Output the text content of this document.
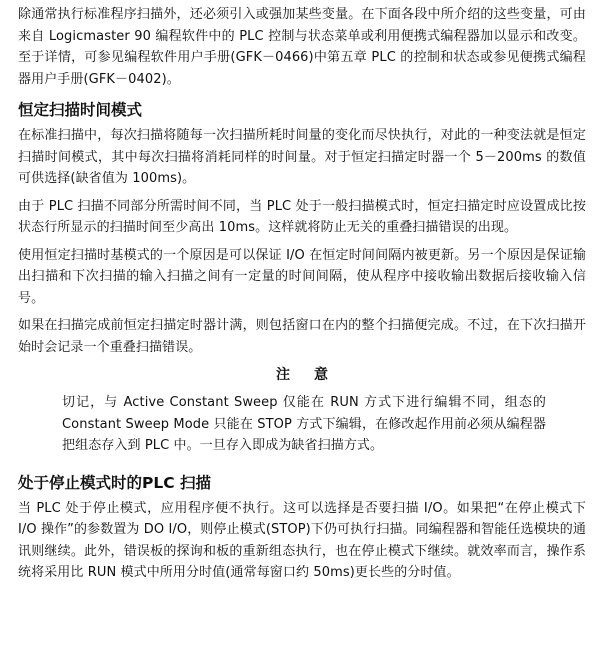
除通常执行标准程序扫描外，还必须引入或强加某些变量。在下面各段中所介绍的这些变量，可由来自 Logicmaster 90 编程软件中的 PLC 控制与状态菜单或利用便携式编程器加以显示和改变。至于详情，可参见编程软件用户手册(GFK－0466)中第五章 PLC 的控制和状态或参见便携式编程器用户手册(GFK－0402)。

恒定扫描时间模式

在标准扫描中，每次扫描将随每一次扫描所耗时间量的变化而尽快执行，对此的一种变法就是恒定扫描时间模式，其中每次扫描将消耗同样的时间量。对于恒定扫描定时器一个 5－200ms 的数值可供选择(缺省值为 100ms)。

由于 PLC 扫描不同部分所需时间不同，当 PLC 处于一般扫描模式时，恒定扫描定时应设置成比按状态行所显示的扫描时间至少高出 10ms。这样就将防止无关的重叠扫描错误的出现。

使用恒定扫描时基模式的一个原因是可以保证 I/O 在恒定时间间隔内被更新。另一个原因是保证输出扫描和下次扫描的输入扫描之间有一定量的时间间隔，使从程序中接收输出数据后接收输入信号。

如果在扫描完成前恒定扫描定时器计满，则包括窗口在内的整个扫描便完成。不过，在下次扫描开始时会记录一个重叠扫描错误。

注意

切记，与 Active Constant Sweep 仅能在 RUN 方式下进行编辑不同，组态的 Constant Sweep Mode 只能在 STOP 方式下编辑，在修改起作用前必须从编程器把组态存入到 PLC 中。一旦存入即成为缺省扫描方式。

处于停止模式时的PLC 扫描

当 PLC 处于停止模式，应用程序便不执行。这可以选择是否要扫描 I/O。如果把“在停止模式下 I/O 操作”的参数置为 DO I/O，则停止模式(STOP)下仍可执行扫描。同编程器和智能任选模块的通讯则继续。此外，错误板的探询和板的重新组态执行，也在停止模式下继续。就效率而言，操作系统将采用比 RUN 模式中所用分时值(通常每窗口约 50ms)更长些的分时值。
